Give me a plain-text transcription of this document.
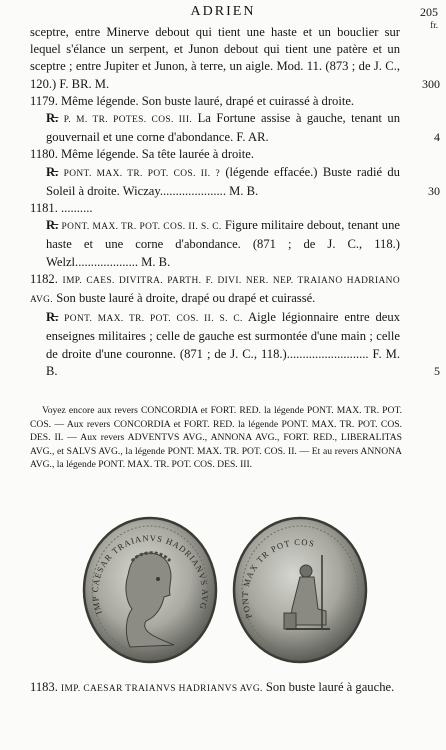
ADRIEN	205
fr.

sceptre, entre Minerve debout qui tient une haste et un bouclier sur lequel s'élance un serpent, et Junon debout qui tient une patère et un sceptre ; entre Jupiter et Junon, à terre, un aigle. Mod. 11. (873 ; de J. C., 120.) F. BR. M.	300

1179. Même légende. Son buste lauré, drapé et cuirassé à droite.

R̶. P. M. TR. POTES. COS. III. La Fortune assise à gauche, tenant un gouvernail et une corne d'abondance. F. AR.	4

1180. Même légende. Sa tête laurée à droite.

R̶. PONT. MAX. TR. POT. COS. II. ? (légende effacée.) Buste radié du Soleil à droite. Wiczay..................... M. B.	30

1181. ..........

R̶. PONT. MAX. TR. POT. COS. II. S. C. Figure militaire debout, tenant une haste et une corne d'abondance. (871 ; de J. C., 118.) Welzl.................... M. B.

1182. IMP. CAES. DIVITRA. PARTH. F. DIVI. NER. NEP. TRAIANO HADRIANO AVG. Son buste lauré à droite, drapé ou drapé et cuirassé.

R̶. PONT. MAX. TR. POT. COS. II. S. C. Aigle légionnaire entre deux enseignes militaires ; celle de gauche est surmontée d'une main ; celle de droite d'une couronne. (871 ; de J. C., 118.).......................... F. M. B.	5

Voyez encore aux revers CONCORDIA et FORT. RED. la légende PONT. MAX. TR. POT. COS. — Aux revers CONCORDIA et FORT. RED. la légende PONT. MAX. TR. POT. COS. DES. II. — Aux revers ADVENTVS AVG., ANNONA AVG., FORT. RED., LIBERALITAS AVG., et SALVS AVG., la légende PONT. MAX. TR. POT. COS. II. — Et au revers ANNONA AVG., la légende PONT. MAX. TR. POT. COS. DES. III.
IMP CAESAR TRAIANVS HADRIANVS AVG
PONT MAX TR POT COS
1183. IMP. CAESAR TRAIANVS HADRIANVS AVG. Son buste lauré à gauche.
